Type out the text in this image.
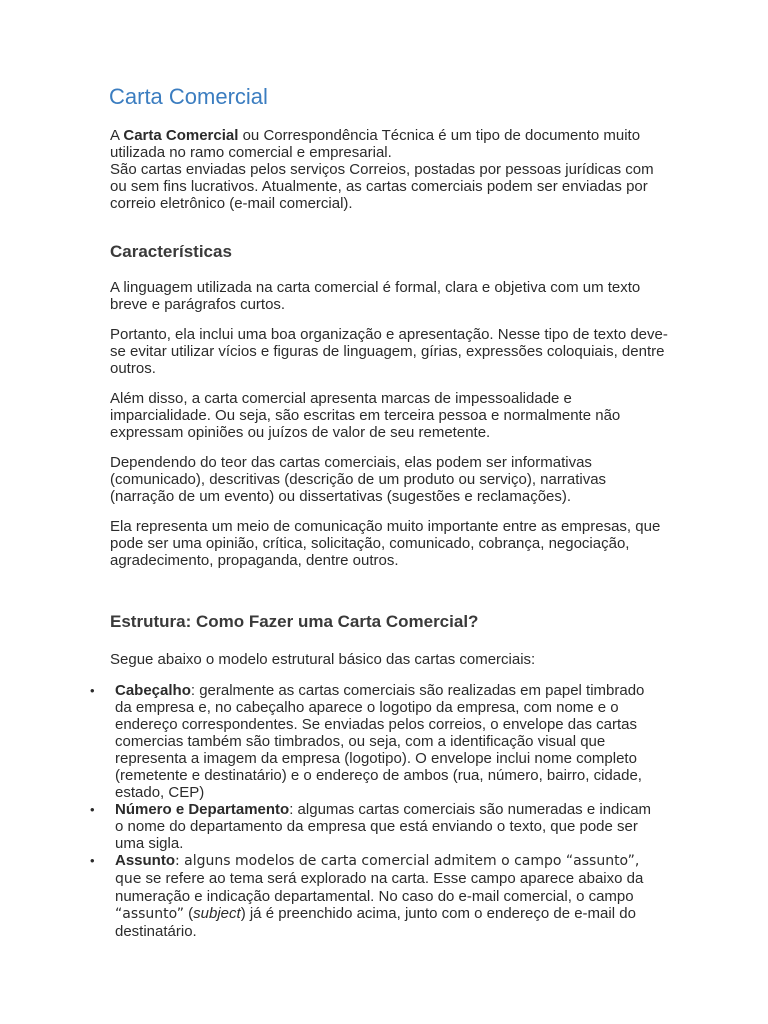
Carta Comercial

A Carta Comercial ou Correspondência Técnica é um tipo de documento muito utilizada no ramo comercial e empresarial.
São cartas enviadas pelos serviços Correios, postadas por pessoas jurídicas com ou sem fins lucrativos. Atualmente, as cartas comerciais podem ser enviadas por correio eletrônico (e-mail comercial).

Características

A linguagem utilizada na carta comercial é formal, clara e objetiva com um texto breve e parágrafos curtos.

Portanto, ela inclui uma boa organização e apresentação. Nesse tipo de texto deve-se evitar utilizar vícios e figuras de linguagem, gírias, expressões coloquiais, dentre outros.

Além disso, a carta comercial apresenta marcas de impessoalidade e imparcialidade. Ou seja, são escritas em terceira pessoa e normalmente não expressam opiniões ou juízos de valor de seu remetente.

Dependendo do teor das cartas comerciais, elas podem ser informativas (comunicado), descritivas (descrição de um produto ou serviço), narrativas (narração de um evento) ou dissertativas (sugestões e reclamações).

Ela representa um meio de comunicação muito importante entre as empresas, que pode ser uma opinião, crítica, solicitação, comunicado, cobrança, negociação, agradecimento, propaganda, dentre outros.

Estrutura: Como Fazer uma Carta Comercial?

Segue abaixo o modelo estrutural básico das cartas comerciais:

• Cabeçalho: geralmente as cartas comerciais são realizadas em papel timbrado da empresa e, no cabeçalho aparece o logotipo da empresa, com nome e o endereço correspondentes. Se enviadas pelos correios, o envelope das cartas comercias também são timbrados, ou seja, com a identificação visual que representa a imagem da empresa (logotipo). O envelope inclui nome completo (remetente e destinatário) e o endereço de ambos (rua, número, bairro, cidade, estado, CEP)
• Número e Departamento: algumas cartas comerciais são numeradas e indicam o nome do departamento da empresa que está enviando o texto, que pode ser uma sigla.
• Assunto: alguns modelos de carta comercial admitem o campo “assunto”, que se refere ao tema será explorado na carta. Esse campo aparece abaixo da numeração e indicação departamental. No caso do e-mail comercial, o campo “assunto” (subject) já é preenchido acima, junto com o endereço de e-mail do destinatário.
